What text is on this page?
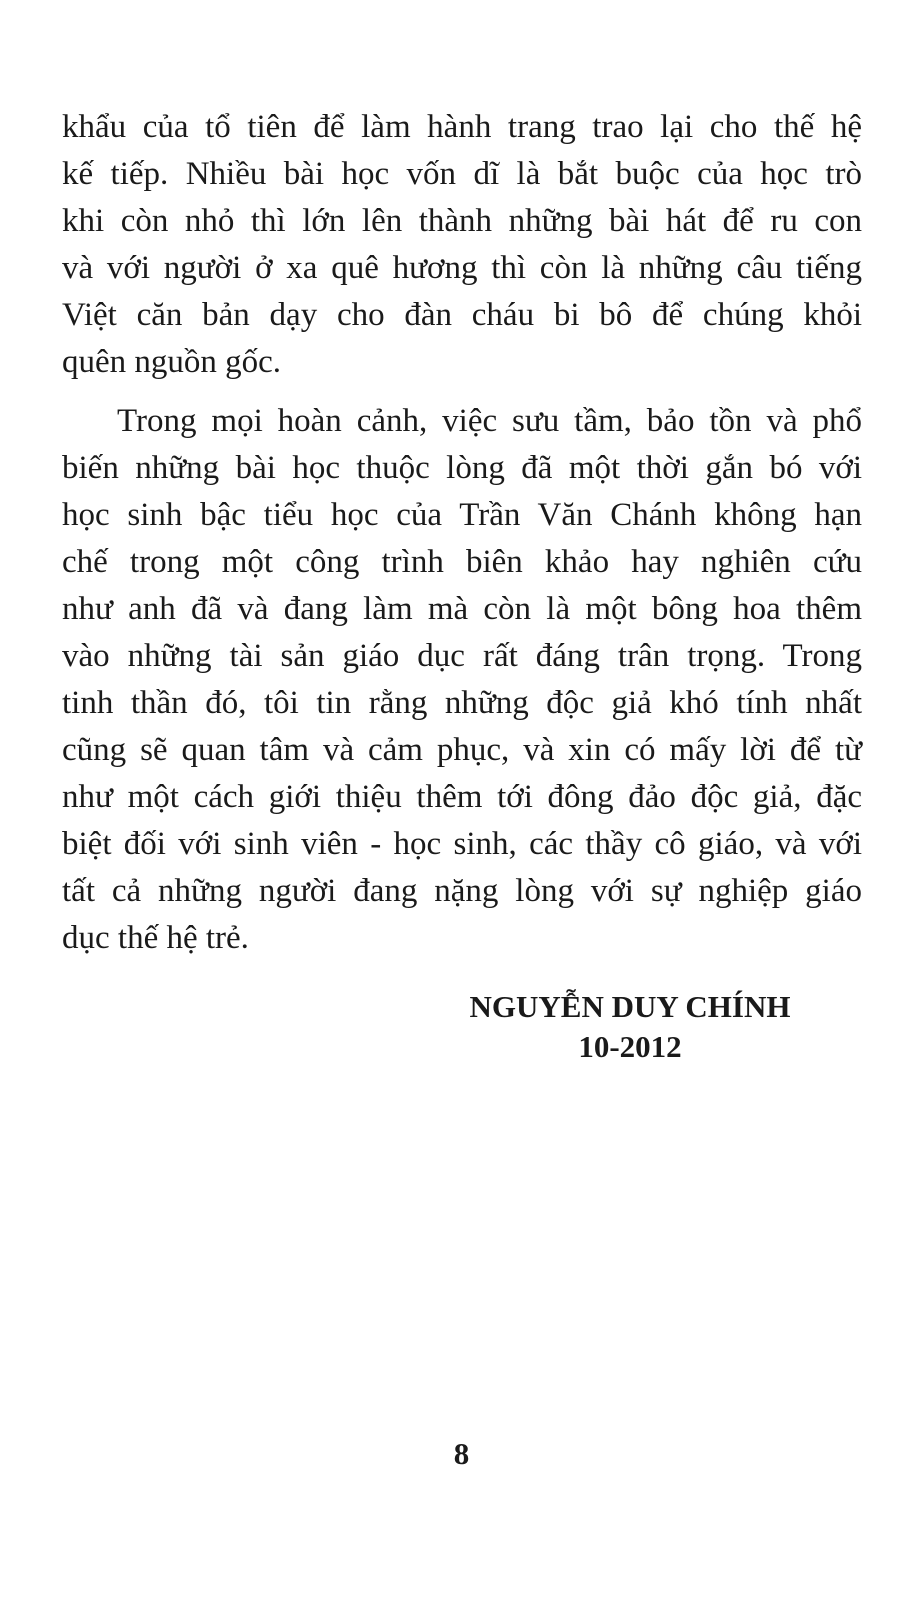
khẩu của tổ tiên để làm hành trang trao lại cho thế hệ
kế tiếp. Nhiều bài học vốn dĩ là bắt buộc của học trò
khi còn nhỏ thì lớn lên thành những bài hát để ru con
và với người ở xa quê hương thì còn là những câu tiếng
Việt căn bản dạy cho đàn cháu bi bô để chúng khỏi
quên nguồn gốc.
Trong mọi hoàn cảnh, việc sưu tầm, bảo tồn và phổ
biến những bài học thuộc lòng đã một thời gắn bó với
học sinh bậc tiểu học của Trần Văn Chánh không hạn
chế trong một công trình biên khảo hay nghiên cứu
như anh đã và đang làm mà còn là một bông hoa thêm
vào những tài sản giáo dục rất đáng trân trọng. Trong
tinh thần đó, tôi tin rằng những độc giả khó tính nhất
cũng sẽ quan tâm và cảm phục, và xin có mấy lời để từ
như một cách giới thiệu thêm tới đông đảo độc giả, đặc
biệt đối với sinh viên - học sinh, các thầy cô giáo, và với
tất cả những người đang nặng lòng với sự nghiệp giáo
dục thế hệ trẻ.
NGUYỄN DUY CHÍNH
10-2012
8
